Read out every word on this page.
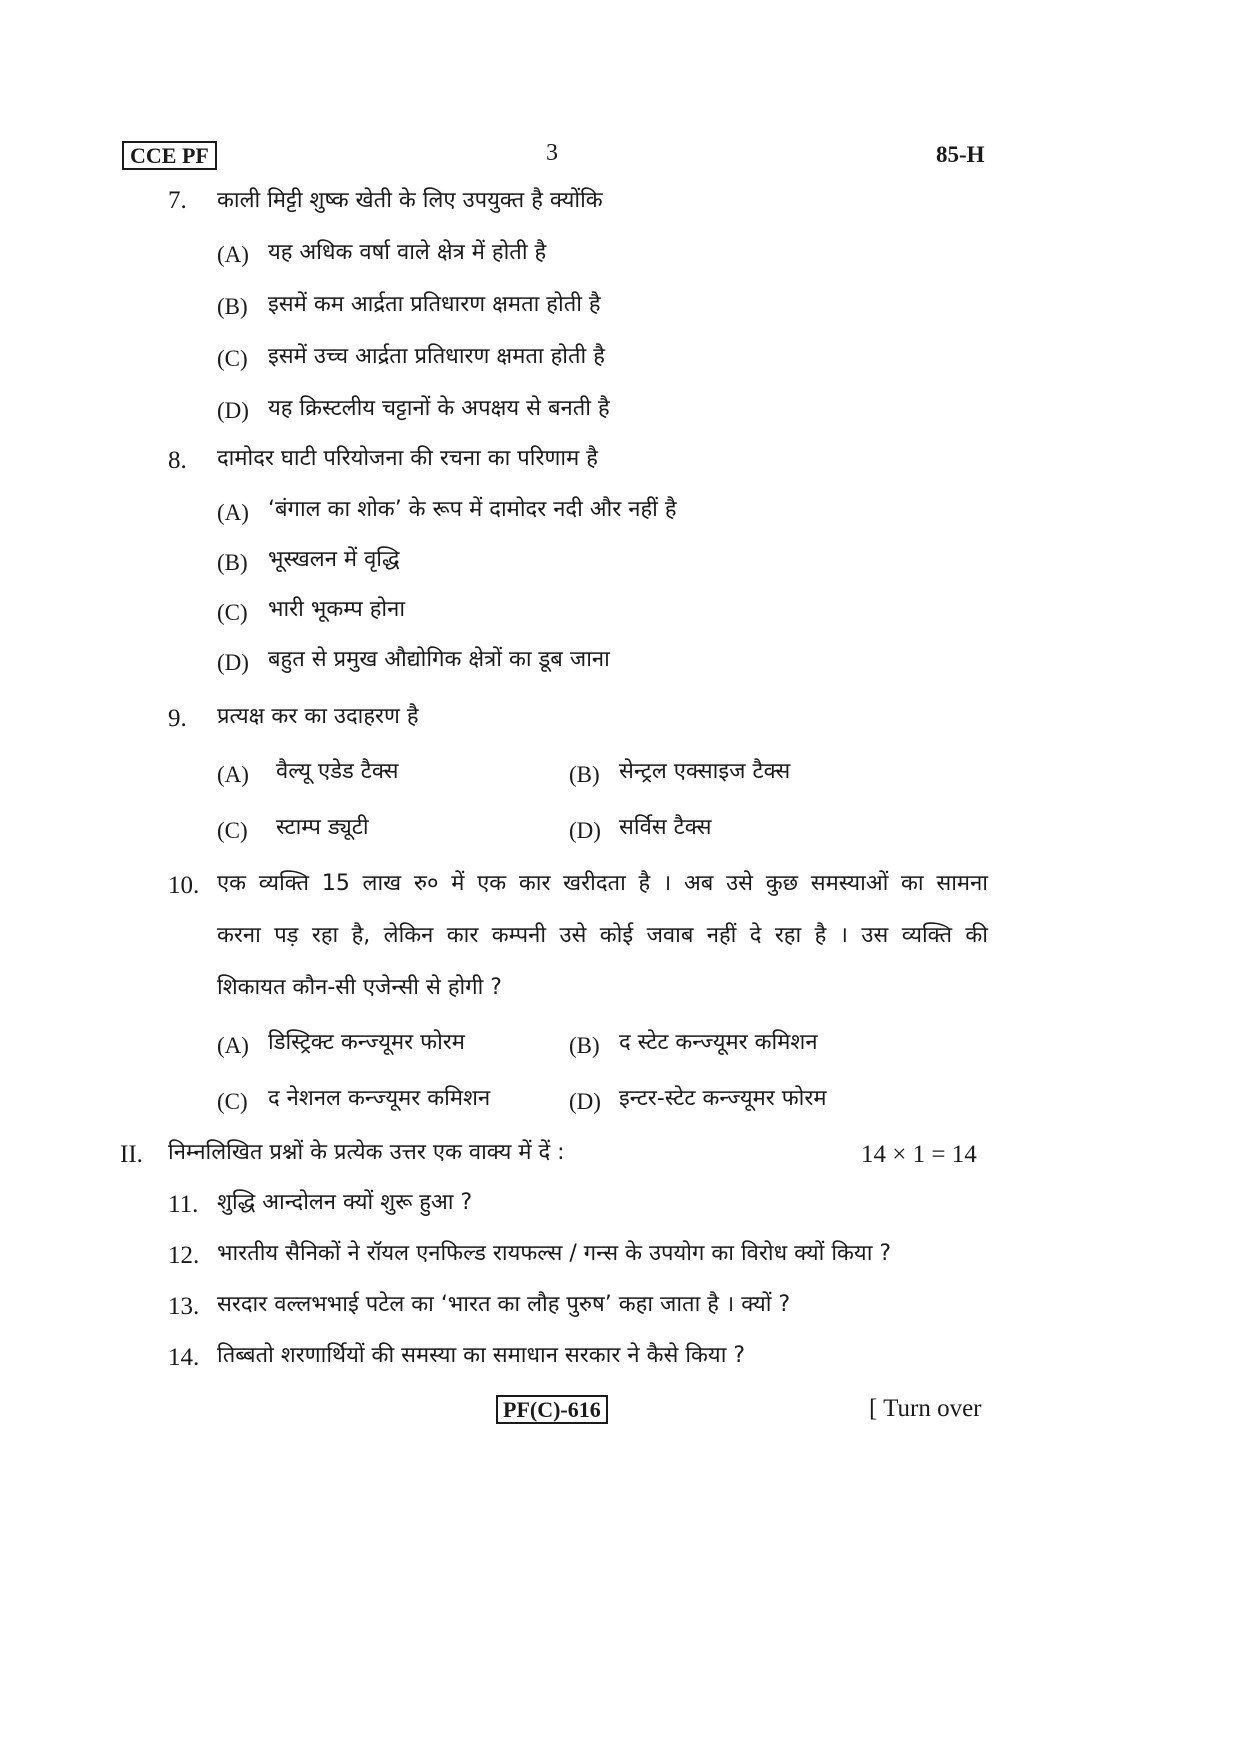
CCE PF	3	85-H
7. काली मिट्टी शुष्क खेती के लिए उपयुक्त है क्योंकि
(A) यह अधिक वर्षा वाले क्षेत्र में होती है
(B) इसमें कम आर्द्रता प्रतिधारण क्षमता होती है
(C) इसमें उच्च आर्द्रता प्रतिधारण क्षमता होती है
(D) यह क्रिस्टलीय चट्टानों के अपक्षय से बनती है
8. दामोदर घाटी परियोजना की रचना का परिणाम है
(A) ‘बंगाल का शोक’ के रूप में दामोदर नदी और नहीं है
(B) भूस्खलन में वृद्धि
(C) भारी भूकम्प होना
(D) बहुत से प्रमुख औद्योगिक क्षेत्रों का डूब जाना
9. प्रत्यक्ष कर का उदाहरण है
(A) वैल्यू एडेड टैक्स	(B) सेन्ट्रल एक्साइज टैक्स
(C) स्टाम्प ड्यूटी	(D) सर्विस टैक्स
10. एक व्यक्ति 15 लाख रु० में एक कार खरीदता है । अब उसे कुछ समस्याओं का सामना
करना पड़ रहा है, लेकिन कार कम्पनी उसे कोई जवाब नहीं दे रहा है । उस व्यक्ति की
शिकायत कौन-सी एजेन्सी से होगी ?
(A) डिस्ट्रिक्ट कन्ज्यूमर फोरम	(B) द स्टेट कन्ज्यूमर कमिशन
(C) द नेशनल कन्ज्यूमर कमिशन	(D) इन्टर-स्टेट कन्ज्यूमर फोरम
II. निम्नलिखित प्रश्नों के प्रत्येक उत्तर एक वाक्य में दें :	14 × 1 = 14
11. शुद्धि आन्दोलन क्यों शुरू हुआ ?
12. भारतीय सैनिकों ने रॉयल एनफिल्ड रायफल्स / गन्स के उपयोग का विरोध क्यों किया ?
13. सरदार वल्लभभाई पटेल का ‘भारत का लौह पुरुष’ कहा जाता है । क्यों ?
14. तिब्बतो शरणार्थियों की समस्या का समाधान सरकार ने कैसे किया ?
PF(C)-616	[ Turn over
